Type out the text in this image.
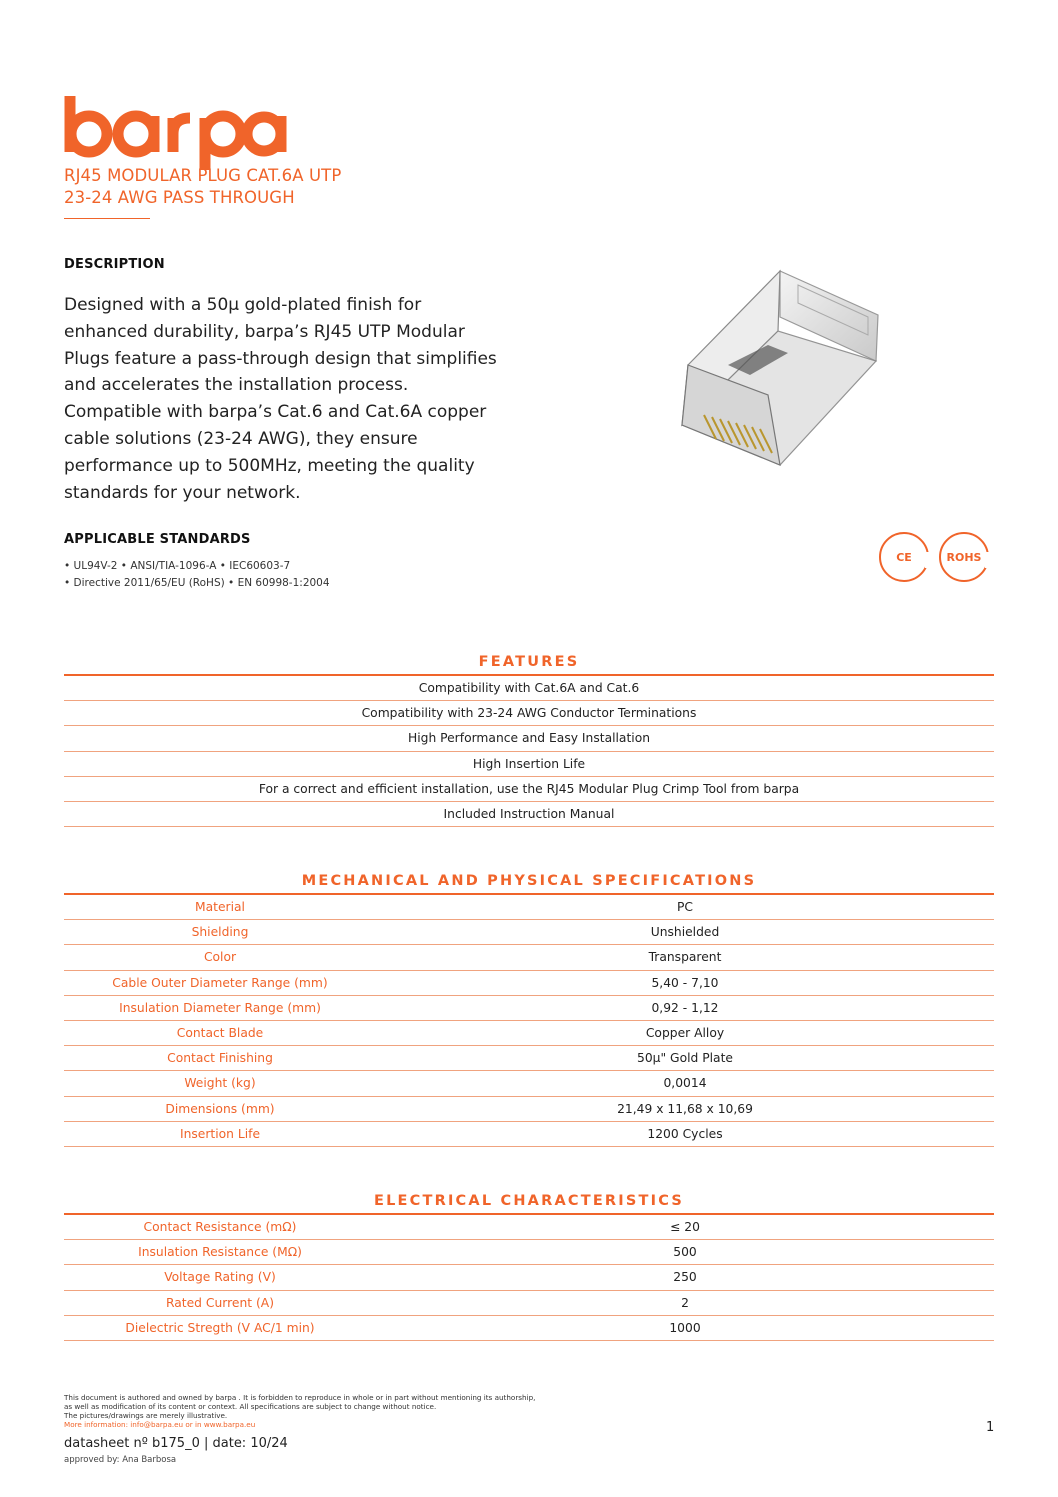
RJ45 MODULAR PLUG CAT.6A UTP
23-24 AWG PASS THROUGH
DESCRIPTION
Designed with a 50µ gold-plated finish for enhanced durability, barpa’s RJ45 UTP Modular Plugs feature a pass-through design that simplifies and accelerates the installation process. Compatible with barpa’s Cat.6 and Cat.6A copper cable solutions (23-24 AWG), they ensure performance up to 500MHz, meeting the quality standards for your network.
APPLICABLE STANDARDS
• UL94V-2 • ANSI/TIA-1096-A • IEC60603-7
• Directive 2011/65/EU (RoHS) • EN 60998-1:2004
CE	ROHS
FEATURES
Compatibility with Cat.6A and Cat.6
Compatibility with 23-24 AWG Conductor Terminations
High Performance and Easy Installation
High Insertion Life
For a correct and efficient installation, use the RJ45 Modular Plug Crimp Tool from barpa
Included Instruction Manual
MECHANICAL AND PHYSICAL SPECIFICATIONS
Material	PC
Shielding	Unshielded
Color	Transparent
Cable Outer Diameter Range (mm)	5,40 - 7,10
Insulation Diameter Range (mm)	0,92 - 1,12
Contact Blade	Copper Alloy
Contact Finishing	50µ" Gold Plate
Weight (kg)	0,0014
Dimensions (mm)	21,49 x 11,68 x 10,69
Insertion Life	1200 Cycles
ELECTRICAL CHARACTERISTICS
Contact Resistance (mΩ)	≤ 20
Insulation Resistance (MΩ)	500
Voltage Rating (V)	250
Rated Current (A)	2
Dielectric Stregth (V AC/1 min)	1000
This document is authored and owned by barpa . It is forbidden to reproduce in whole or in part without mentioning its authorship,
as well as modification of its content or context. All specifications are subject to change without notice.
The pictures/drawings are merely illustrative.
More information: info@barpa.eu or in www.barpa.eu
datasheet nº b175_0 | date: 10/24
approved by: Ana Barbosa
1
